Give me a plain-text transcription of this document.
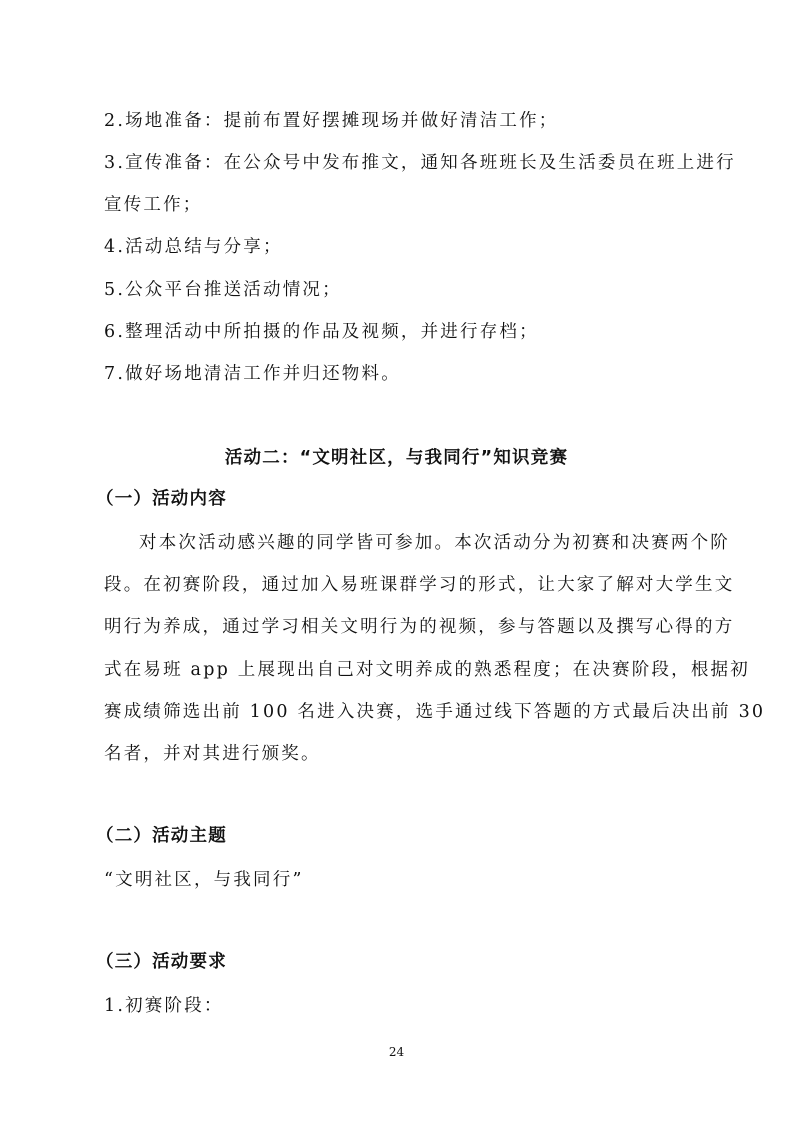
2.场地准备：提前布置好摆摊现场并做好清洁工作；
3.宣传准备：在公众号中发布推文，通知各班班长及生活委员在班上进行
宣传工作；
4.活动总结与分享；
5.公众平台推送活动情况；
6.整理活动中所拍摄的作品及视频，并进行存档；
7.做好场地清洁工作并归还物料。
活动二：“文明社区，与我同行”知识竞赛
（一）活动内容
对本次活动感兴趣的同学皆可参加。本次活动分为初赛和决赛两个阶
段。在初赛阶段，通过加入易班课群学习的形式，让大家了解对大学生文
明行为养成，通过学习相关文明行为的视频，参与答题以及撰写心得的方
式在易班 app 上展现出自己对文明养成的熟悉程度；在决赛阶段，根据初
赛成绩筛选出前 100 名进入决赛，选手通过线下答题的方式最后决出前 30
名者，并对其进行颁奖。
（二）活动主题
“文明社区，与我同行”
（三）活动要求
1.初赛阶段：
24
